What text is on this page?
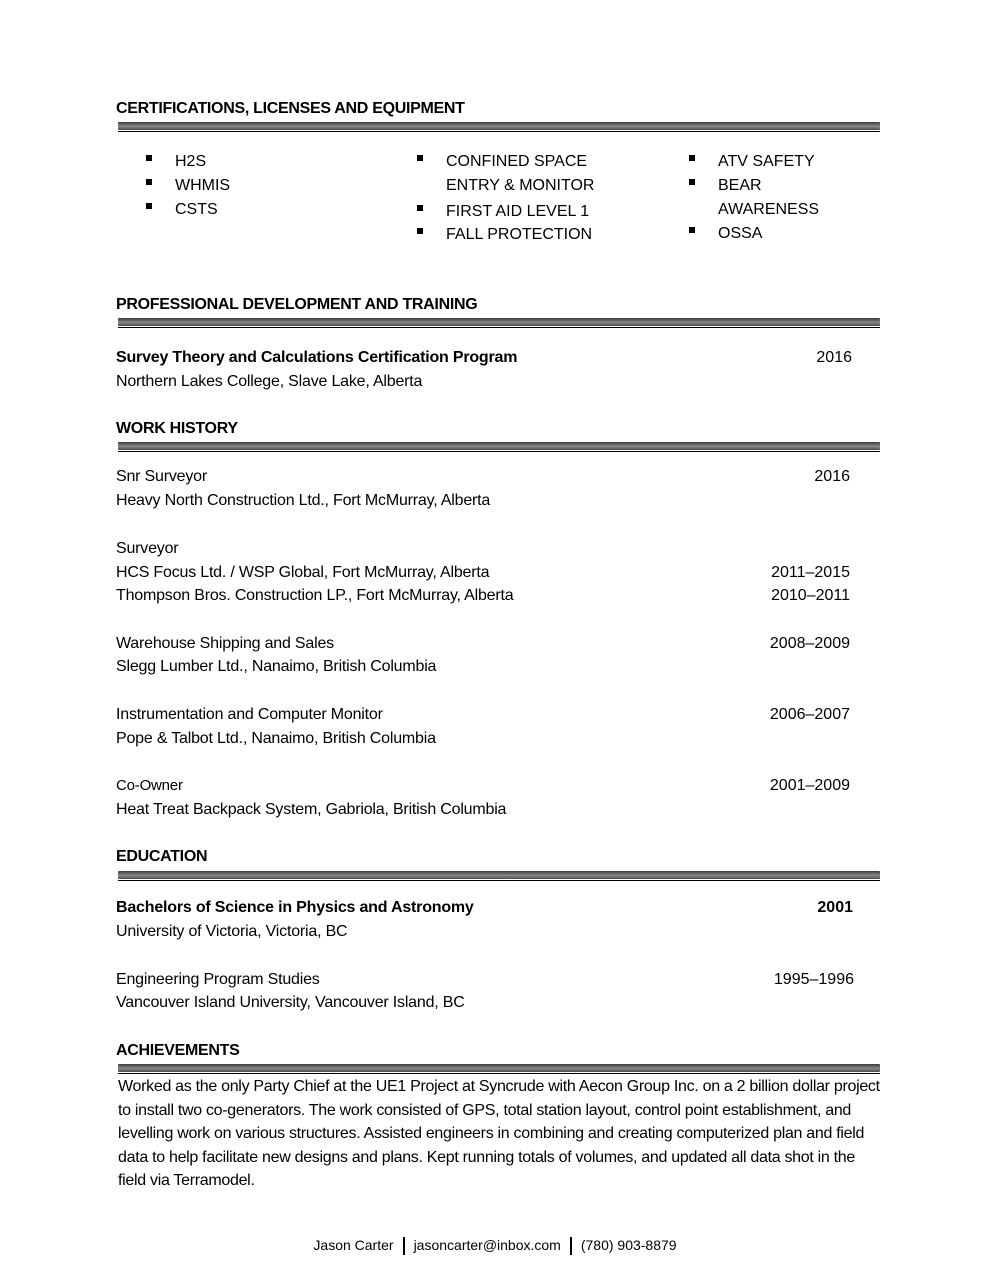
CERTIFICATIONS, LICENSES AND EQUIPMENT
H2S
WHMIS
CSTS
CONFINED SPACE ENTRY & MONITOR
FIRST AID LEVEL 1
FALL PROTECTION
ATV SAFETY
BEAR AWARENESS
OSSA
PROFESSIONAL DEVELOPMENT AND TRAINING
Survey Theory and Calculations Certification Program	2016
Northern Lakes College, Slave Lake, Alberta
WORK HISTORY
Snr Surveyor	2016
Heavy North Construction Ltd., Fort McMurray, Alberta
Surveyor
HCS Focus Ltd. / WSP Global, Fort McMurray, Alberta	2011–2015
Thompson Bros. Construction LP., Fort McMurray, Alberta	2010–2011
Warehouse Shipping and Sales	2008–2009
Slegg Lumber Ltd., Nanaimo, British Columbia
Instrumentation and Computer Monitor	2006–2007
Pope & Talbot Ltd., Nanaimo, British Columbia
Co-Owner	2001–2009
Heat Treat Backpack System, Gabriola, British Columbia
EDUCATION
Bachelors of Science in Physics and Astronomy	2001
University of Victoria, Victoria, BC
Engineering Program Studies	1995–1996
Vancouver Island University, Vancouver Island, BC
ACHIEVEMENTS
Worked as the only Party Chief at the UE1 Project at Syncrude with Aecon Group Inc. on a 2 billion dollar project to install two co-generators. The work consisted of GPS, total station layout, control point establishment, and levelling work on various structures. Assisted engineers in combining and creating computerized plan and field data to help facilitate new designs and plans. Kept running totals of volumes, and updated all data shot in the field via Terramodel.
Jason Carter jasoncarter@inbox.com (780) 903-8879
